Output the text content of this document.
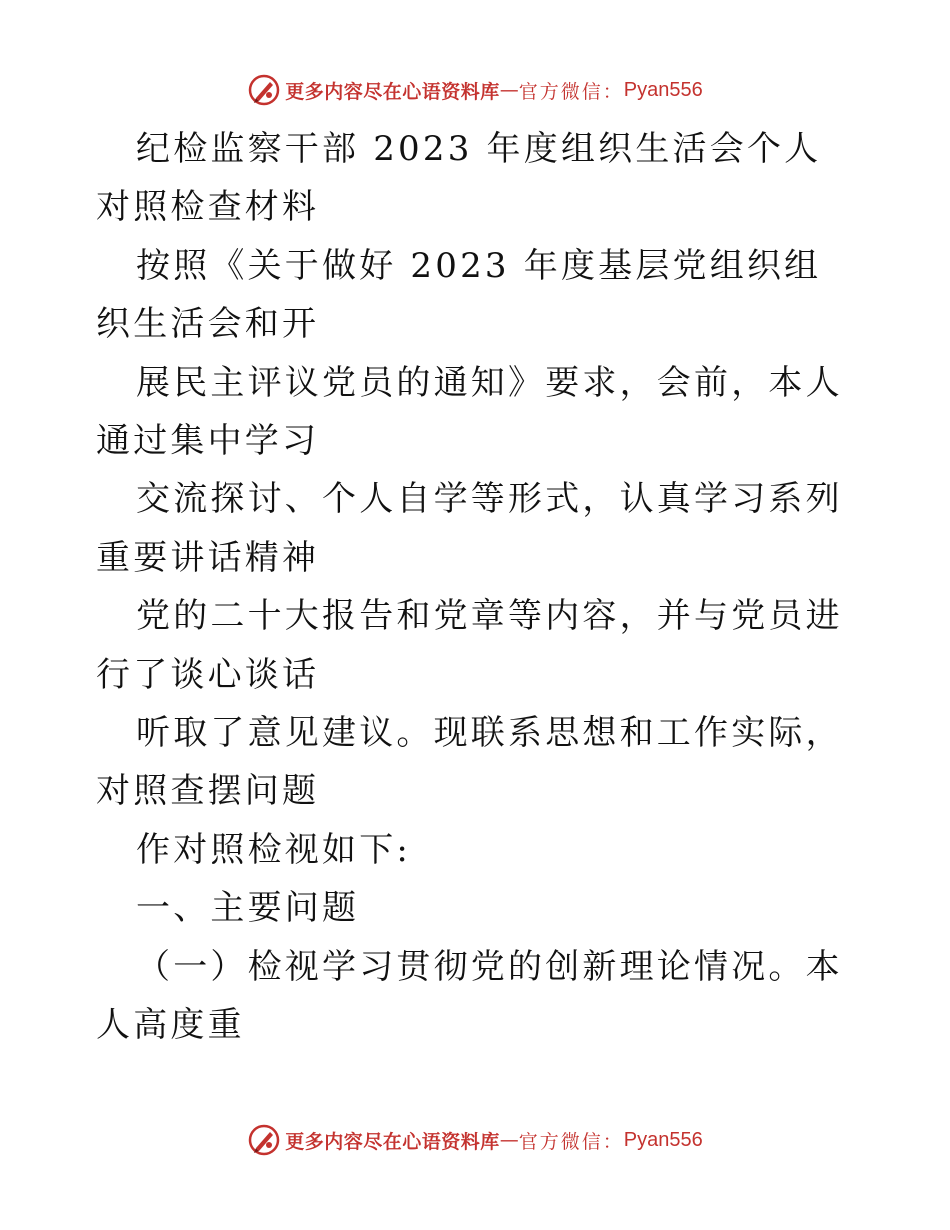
更多内容尽在心语资料库 — 官方微信： Pyan556

纪检监察干部 2023 年度组织生活会个人对照检查材料

按照《关于做好 2023 年度基层党组织组织生活会和开

展民主评议党员的通知》要求，会前，本人通过集中学习

交流探讨、个人自学等形式，认真学习系列重要讲话精神

党的二十大报告和党章等内容，并与党员进行了谈心谈话

听取了意见建议。现联系思想和工作实际，对照查摆问题

作对照检视如下:

一、主要问题

（一）检视学习贯彻党的创新理论情况。本人高度重

更多内容尽在心语资料库 — 官方微信： Pyan556
